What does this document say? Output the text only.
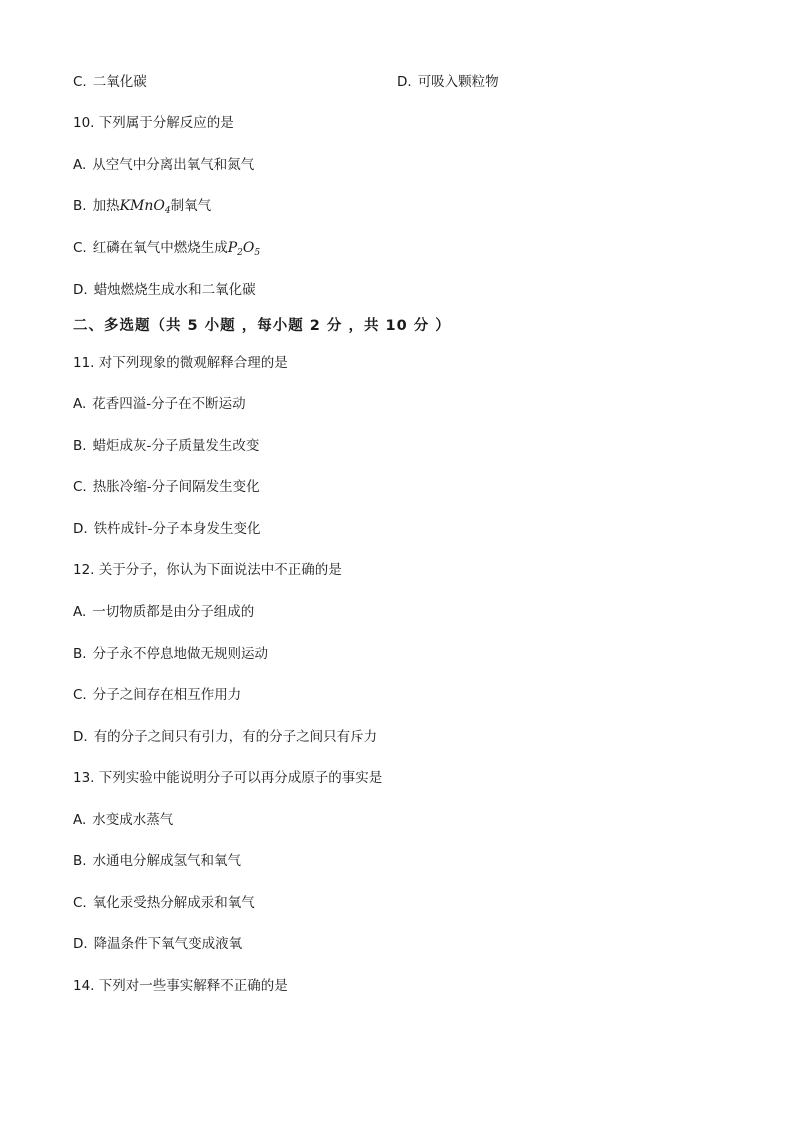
C. 二氧化碳	D. 可吸入颗粒物
10. 下列属于分解反应的是
A. 从空气中分离出氧气和氮气
B. 加热KMnO$_4$制氧气
C. 红磷在氧气中燃烧生成$P_2O_5$
D. 蜡烛燃烧生成水和二氧化碳
二、多选题（共 5 小题 ，每小题 2 分 ，共 10 分 ）
11. 对下列现象的微观解释合理的是
A. 花香四溢-分子在不断运动
B. 蜡炬成灰-分子质量发生改变
C. 热胀冷缩-分子间隔发生变化
D. 铁杵成针-分子本身发生变化
12. 关于分子，你认为下面说法中不正确的是
A. 一切物质都是由分子组成的
B. 分子永不停息地做无规则运动
C. 分子之间存在相互作用力
D. 有的分子之间只有引力，有的分子之间只有斥力
13. 下列实验中能说明分子可以再分成原子的事实是
A. 水变成水蒸气
B. 水通电分解成氢气和氧气
C. 氧化汞受热分解成汞和氧气
D. 降温条件下氧气变成液氧
14. 下列对一些事实解释不正确的是
